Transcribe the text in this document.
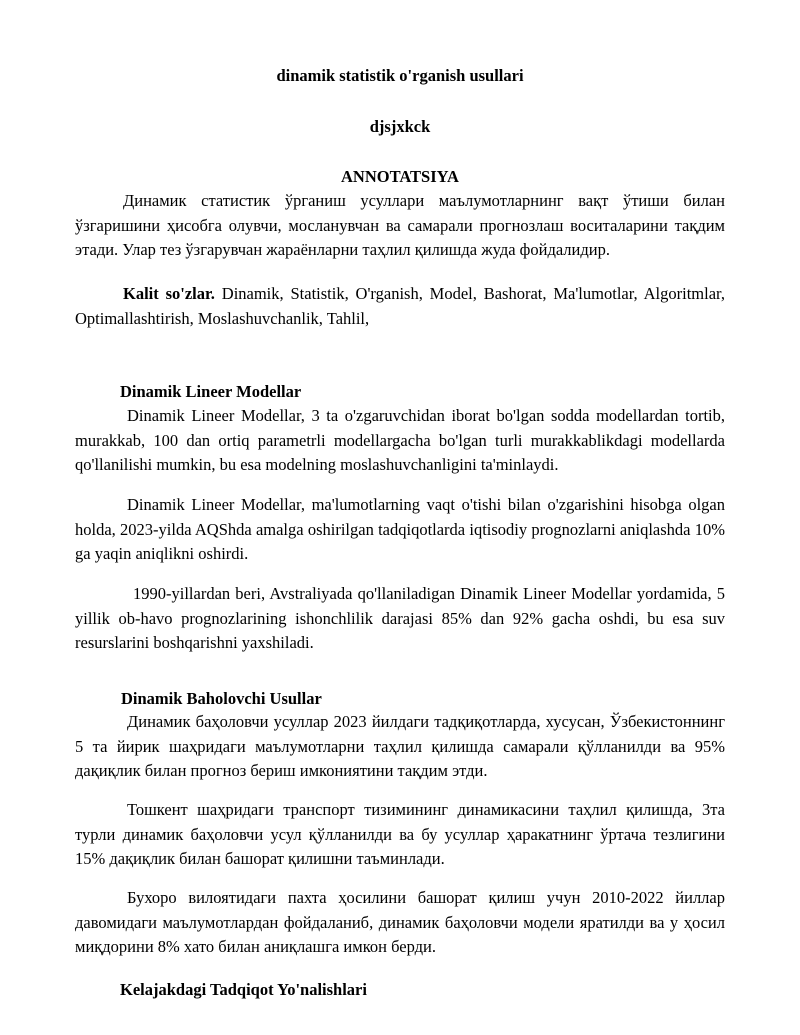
dinamik statistik o'rganish usullari
djsjxkck
ANNOTATSIYA
Динамик статистик ўрганиш усуллари маълумотларнинг вақт ўтиши билан ўзгаришини ҳисобга олувчи, мосланувчан ва самарали прогнозлаш воситаларини тақдим этади. Улар тез ўзгарувчан жараёнларни таҳлил қилишда жуда фойдалидир.
Kalit so'zlar. Dinamik, Statistik, O'rganish, Model, Bashorat, Ma'lumotlar, Algoritmlar, Optimallashtirish, Moslashuvchanlik, Tahlil,
Dinamik Lineer Modellar
Dinamik Lineer Modellar, 3 ta o'zgaruvchidan iborat bo'lgan sodda modellardan tortib, murakkab, 100 dan ortiq parametrli modellargacha bo'lgan turli murakkablikdagi modellarda qo'llanilishi mumkin, bu esa modelning moslashuvchanligini ta'minlaydi.
Dinamik Lineer Modellar, ma'lumotlarning vaqt o'tishi bilan o'zgarishini hisobga olgan holda, 2023-yilda AQShda amalga oshirilgan tadqiqotlarda iqtisodiy prognozlarni aniqlashda 10% ga yaqin aniqlikni oshirdi.
1990-yillardan beri, Avstraliyada qo'llaniladigan Dinamik Lineer Modellar yordamida, 5 yillik ob-havo prognozlarining ishonchlilik darajasi 85% dan 92% gacha oshdi, bu esa suv resurslarini boshqarishni yaxshiladi.
Dinamik Baholovchi Usullar
Динамик баҳоловчи усуллар 2023 йилдаги тадқиқотларда, хусусан, Ўзбекистоннинг 5 та йирик шаҳридаги маълумотларни таҳлил қилишда самарали қўлланилди ва 95% дақиқлик билан прогноз бериш имкониятини тақдим этди.
Тошкент шаҳридаги транспорт тизимининг динамикасини таҳлил қилишда, 3та турли динамик баҳоловчи усул қўлланилди ва бу усуллар ҳаракатнинг ўртача тезлигини 15% дақиқлик билан башорат қилишни таъминлади.
Бухоро вилоятидаги пахта ҳосилини башорат қилиш учун 2010-2022 йиллар давомидаги маълумотлардан фойдаланиб, динамик баҳоловчи модели яратилди ва у ҳосил миқдорини 8% хато билан аниқлашга имкон берди.
Kelajakdagi Tadqiqot Yo'nalishlari
